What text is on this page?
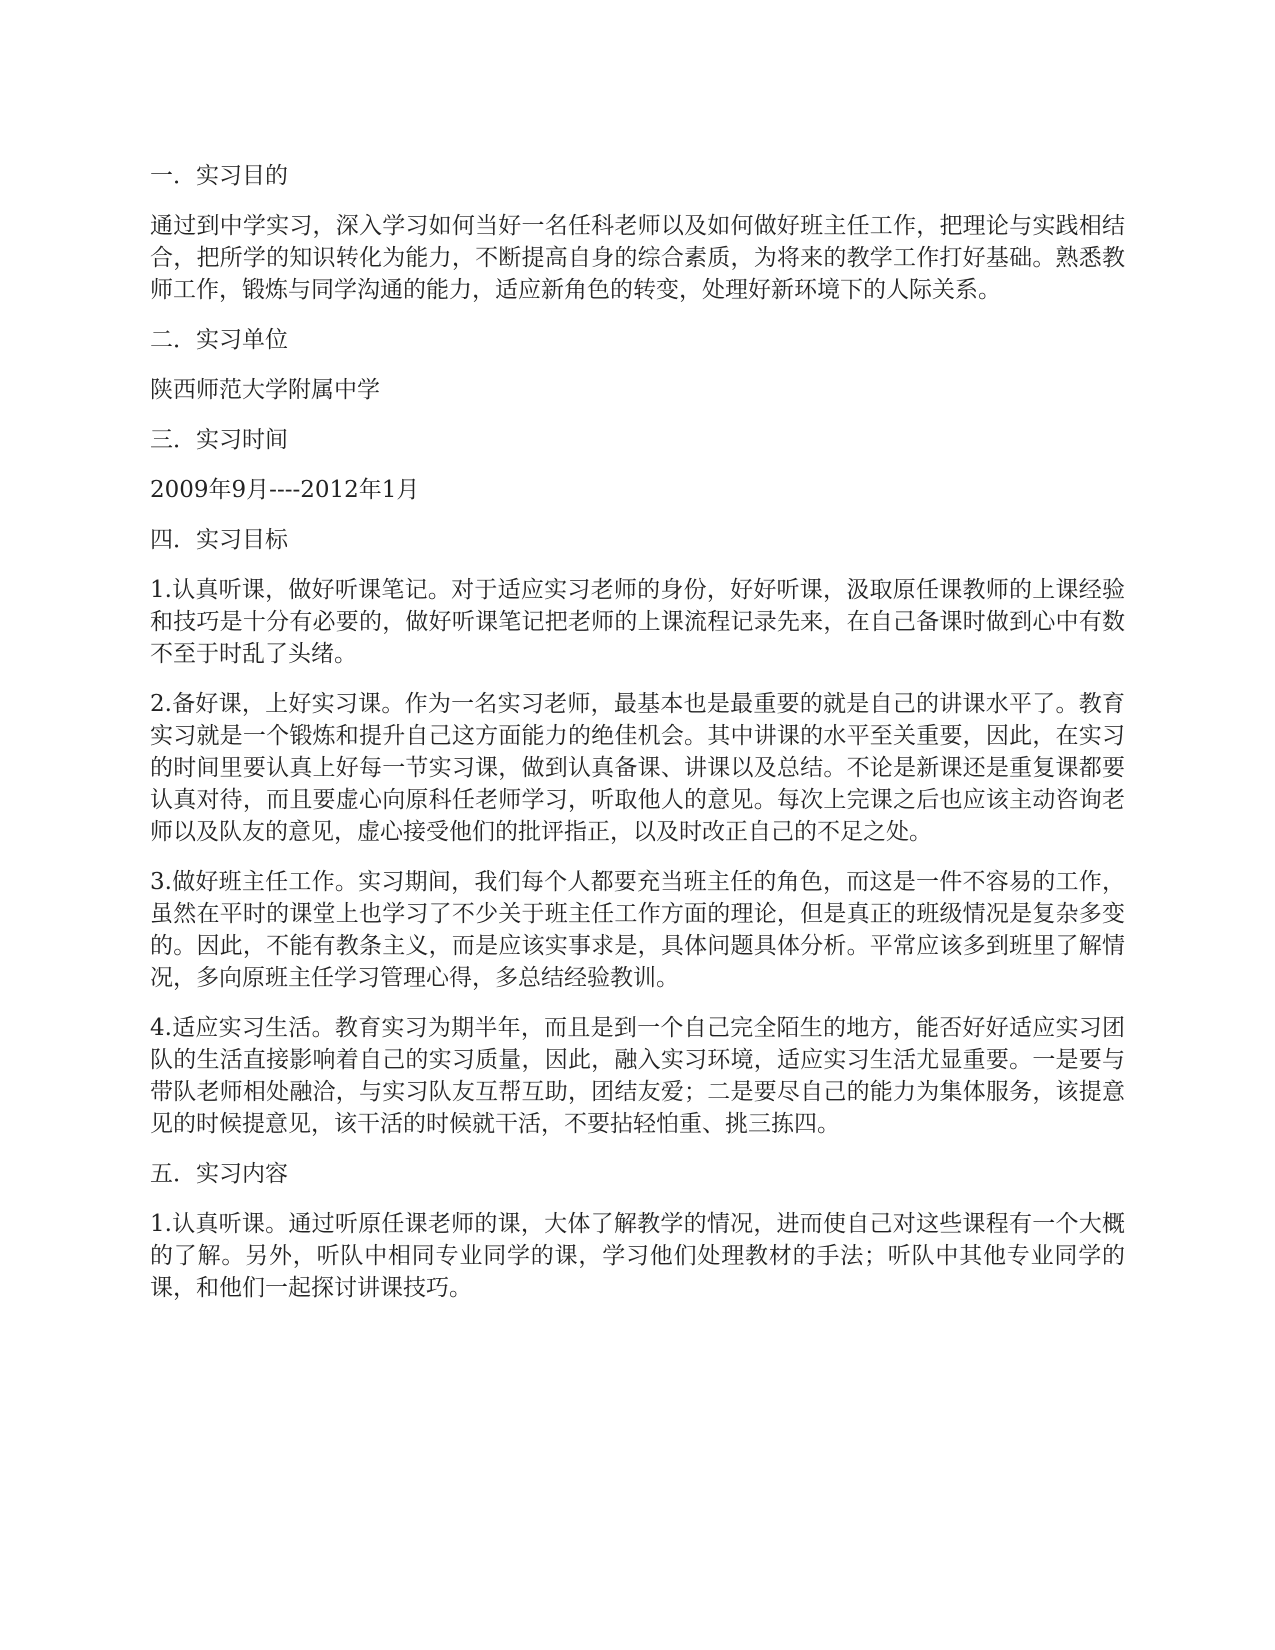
一．实习目的

通过到中学实习，深入学习如何当好一名任科老师以及如何做好班主任工作，把理论与实践相结合，把所学的知识转化为能力，不断提高自身的综合素质，为将来的教学工作打好基础。熟悉教师工作，锻炼与同学沟通的能力，适应新角色的转变，处理好新环境下的人际关系。

二．实习单位

陕西师范大学附属中学

三．实习时间

2009年9月----2012年1月

四．实习目标

1.认真听课，做好听课笔记。对于适应实习老师的身份，好好听课，汲取原任课教师的上课经验和技巧是十分有必要的，做好听课笔记把老师的上课流程记录先来，在自己备课时做到心中有数不至于时乱了头绪。

2.备好课，上好实习课。作为一名实习老师，最基本也是最重要的就是自己的讲课水平了。教育实习就是一个锻炼和提升自己这方面能力的绝佳机会。其中讲课的水平至关重要，因此，在实习的时间里要认真上好每一节实习课，做到认真备课、讲课以及总结。不论是新课还是重复课都要认真对待，而且要虚心向原科任老师学习，听取他人的意见。每次上完课之后也应该主动咨询老师以及队友的意见，虚心接受他们的批评指正，以及时改正自己的不足之处。

3.做好班主任工作。实习期间，我们每个人都要充当班主任的角色，而这是一件不容易的工作，虽然在平时的课堂上也学习了不少关于班主任工作方面的理论，但是真正的班级情况是复杂多变的。因此，不能有教条主义，而是应该实事求是，具体问题具体分析。平常应该多到班里了解情况，多向原班主任学习管理心得，多总结经验教训。

4.适应实习生活。教育实习为期半年，而且是到一个自己完全陌生的地方，能否好好适应实习团队的生活直接影响着自己的实习质量，因此，融入实习环境，适应实习生活尤显重要。一是要与带队老师相处融洽，与实习队友互帮互助，团结友爱；二是要尽自己的能力为集体服务，该提意见的时候提意见，该干活的时候就干活，不要拈轻怕重、挑三拣四。

五．实习内容

1.认真听课。通过听原任课老师的课，大体了解教学的情况，进而使自己对这些课程有一个大概的了解。另外，听队中相同专业同学的课，学习他们处理教材的手法；听队中其他专业同学的课，和他们一起探讨讲课技巧。
